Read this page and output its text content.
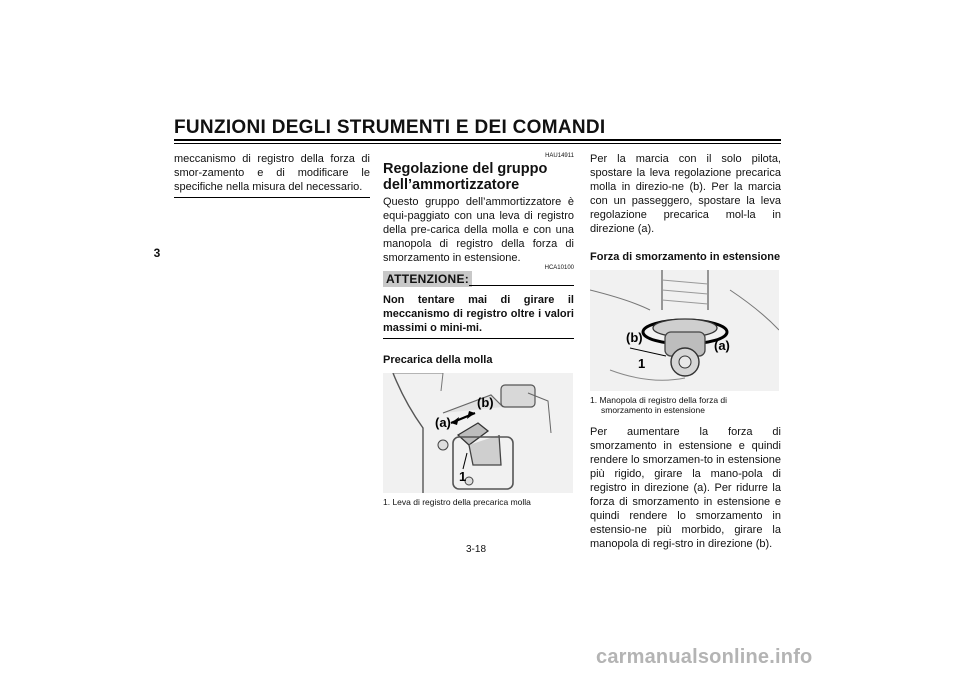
FUNZIONI DEGLI STRUMENTI E DEI COMANDI
3
meccanismo di registro della forza di smor-zamento e di modificare le specifiche nella misura del necessario.
HAU14911
Regolazione del gruppo dell’ammortizzatore
Questo gruppo dell’ammortizzatore è equi-paggiato con una leva di registro della pre-carica della molla e con una manopola di registro della forza di smorzamento in estensione.
HCA10100
ATTENZIONE:
Non tentare mai di girare il meccanismo di registro oltre i valori massimi o mini-mi.
Precarica della molla
(a)
(b)
1
1. Leva di registro della precarica molla
Per la marcia con il solo pilota, spostare la leva regolazione precarica molla in direzio-ne (b). Per la marcia con un passeggero, spostare la leva regolazione precarica mol-la in direzione (a).
Forza di smorzamento in estensione
(b)
(a)
1
1. Manopola di registro della forza di
smorzamento in estensione
Per aumentare la forza di smorzamento in estensione e quindi rendere lo smorzamen-to in estensione più rigido, girare la mano-pola di registro in direzione (a). Per ridurre la forza di smorzamento in estensione e quindi rendere lo smorzamento in estensio-ne più morbido, girare la manopola di regi-stro in direzione (b).
3-18
carmanualsonline.info
